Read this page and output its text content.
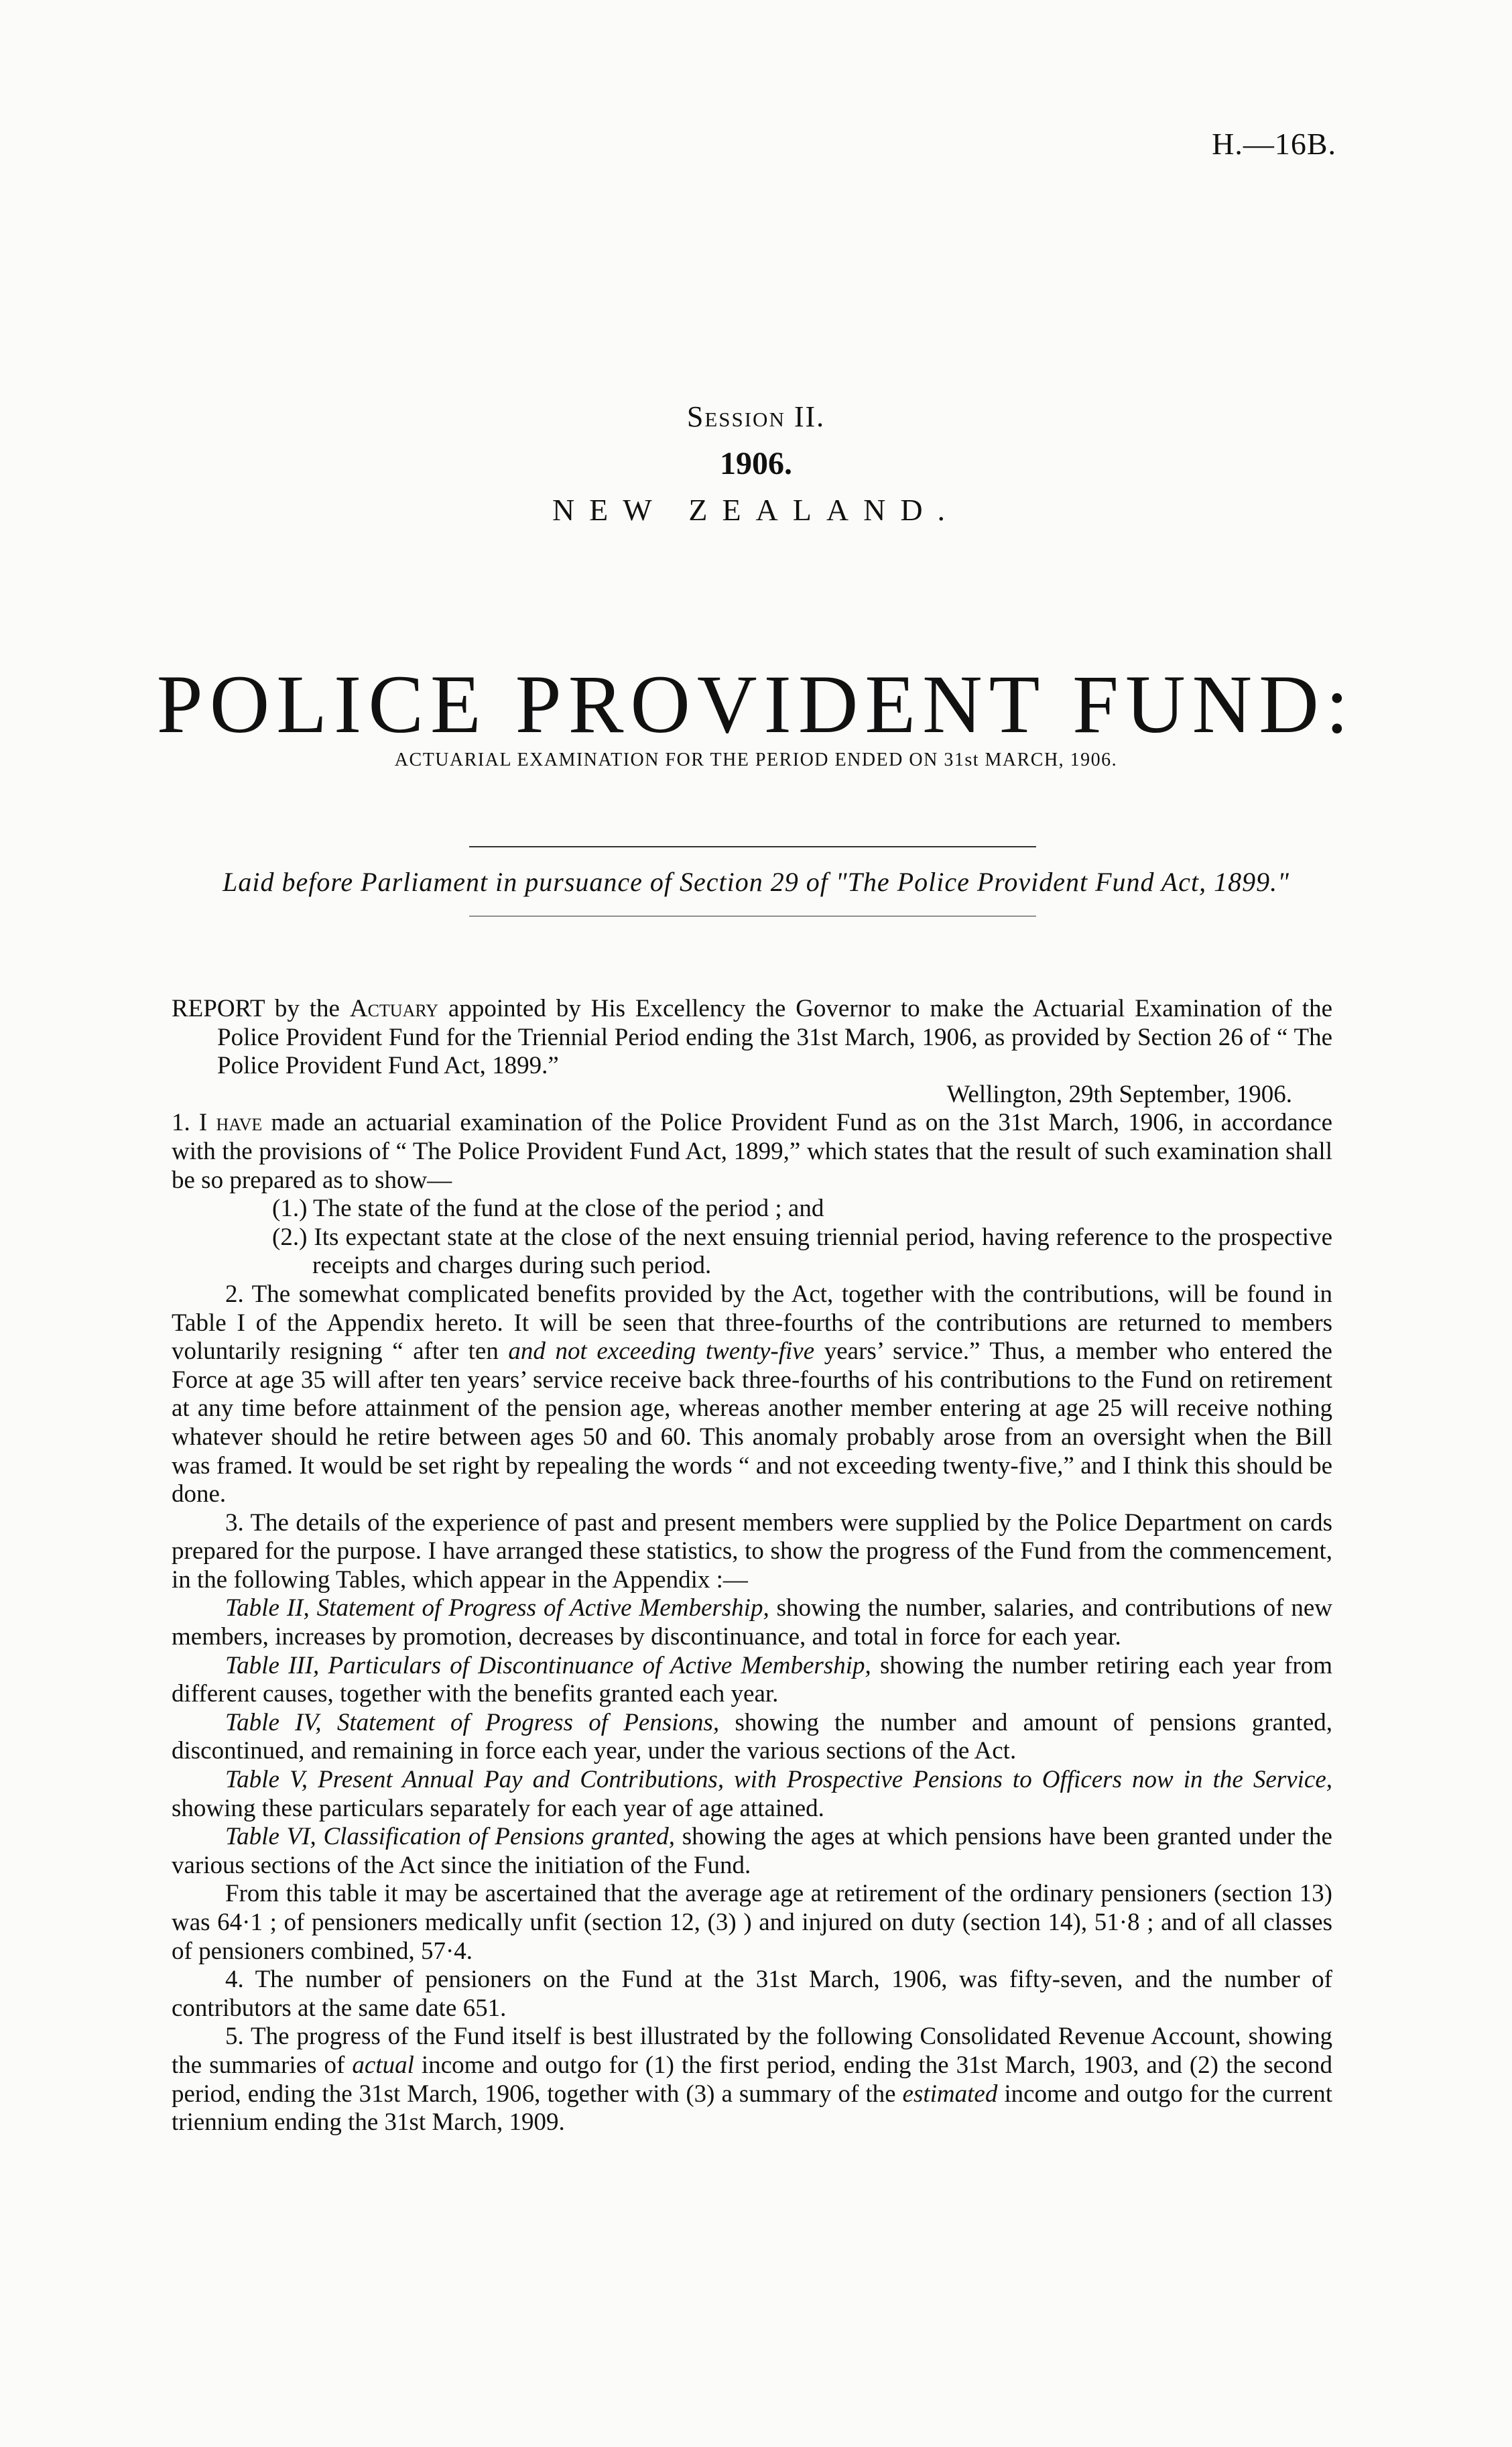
H.—16B.
Session II.
1906.
NEW ZEALAND.
POLICE PROVIDENT FUND:
ACTUARIAL EXAMINATION FOR THE PERIOD ENDED ON 31st MARCH, 1906.
Laid before Parliament in pursuance of Section 29 of "The Police Provident Fund Act, 1899."

REPORT by the Actuary appointed by His Excellency the Governor to make the Actuarial Examination of the Police Provident Fund for the Triennial Period ending the 31st March, 1906, as provided by Section 26 of “ The Police Provident Fund Act, 1899.”

Wellington, 29th September, 1906.

1. I have made an actuarial examination of the Police Provident Fund as on the 31st March, 1906, in accordance with the provisions of “ The Police Provident Fund Act, 1899,” which states that the result of such examination shall be so prepared as to show—

(1.) The state of the fund at the close of the period ; and

(2.) Its expectant state at the close of the next ensuing triennial period, having reference to the prospective receipts and charges during such period.

2. The somewhat complicated benefits provided by the Act, together with the contributions, will be found in Table I of the Appendix hereto. It will be seen that three-fourths of the contributions are returned to members voluntarily resigning “ after ten and not exceeding twenty-five years’ service.” Thus, a member who entered the Force at age 35 will after ten years’ service receive back three-fourths of his contributions to the Fund on retirement at any time before attainment of the pension age, whereas another member entering at age 25 will receive nothing whatever should he retire between ages 50 and 60. This anomaly probably arose from an oversight when the Bill was framed. It would be set right by repealing the words “ and not exceeding twenty-five,” and I think this should be done.

3. The details of the experience of past and present members were supplied by the Police Department on cards prepared for the purpose. I have arranged these statistics, to show the progress of the Fund from the commencement, in the following Tables, which appear in the Appendix :—

Table II, Statement of Progress of Active Membership, showing the number, salaries, and contributions of new members, increases by promotion, decreases by discontinuance, and total in force for each year.

Table III, Particulars of Discontinuance of Active Membership, showing the number retiring each year from different causes, together with the benefits granted each year.

Table IV, Statement of Progress of Pensions, showing the number and amount of pensions granted, discontinued, and remaining in force each year, under the various sections of the Act.

Table V, Present Annual Pay and Contributions, with Prospective Pensions to Officers now in the Service, showing these particulars separately for each year of age attained.

Table VI, Classification of Pensions granted, showing the ages at which pensions have been granted under the various sections of the Act since the initiation of the Fund.

From this table it may be ascertained that the average age at retirement of the ordinary pensioners (section 13) was 64·1 ; of pensioners medically unfit (section 12, (3) ) and injured on duty (section 14), 51·8 ; and of all classes of pensioners combined, 57·4.

4. The number of pensioners on the Fund at the 31st March, 1906, was fifty-seven, and the number of contributors at the same date 651.

5. The progress of the Fund itself is best illustrated by the following Consolidated Revenue Account, showing the summaries of actual income and outgo for (1) the first period, ending the 31st March, 1903, and (2) the second period, ending the 31st March, 1906, together with (3) a summary of the estimated income and outgo for the current triennium ending the 31st March, 1909.
